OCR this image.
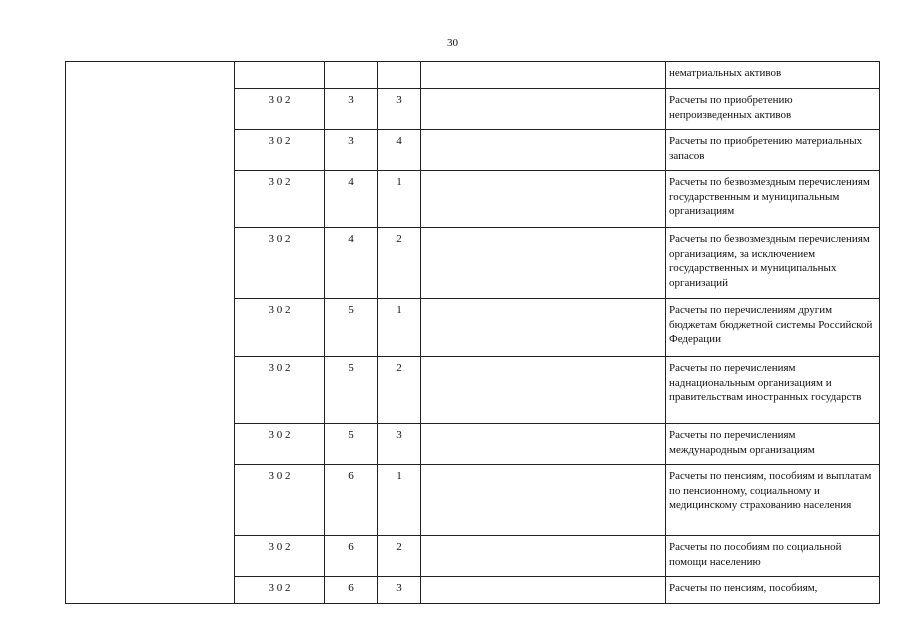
30
					нематриальных активов
	3 0 2	3	3		Расчеты по приобретению непроизведенных активов
	3 0 2	3	4		Расчеты по приобретению материальных запасов
	3 0 2	4	1		Расчеты по безвозмездным перечислениям государственным и муниципальным организациям
	3 0 2	4	2		Расчеты по безвозмездным перечислениям организациям, за исключением государственных и муниципальных организаций
	3 0 2	5	1		Расчеты по перечислениям другим бюджетам бюджетной системы Российской Федерации
	3 0 2	5	2		Расчеты по перечислениям наднациональным организациям и правительствам иностранных государств
	3 0 2	5	3		Расчеты по перечислениям международным организациям
	3 0 2	6	1		Расчеты по пенсиям, пособиям и выплатам по пенсионному, социальному и медицинскому страхованию населения
	3 0 2	6	2		Расчеты по пособиям по социальной помощи населению
	3 0 2	6	3		Расчеты по пенсиям, пособиям,
